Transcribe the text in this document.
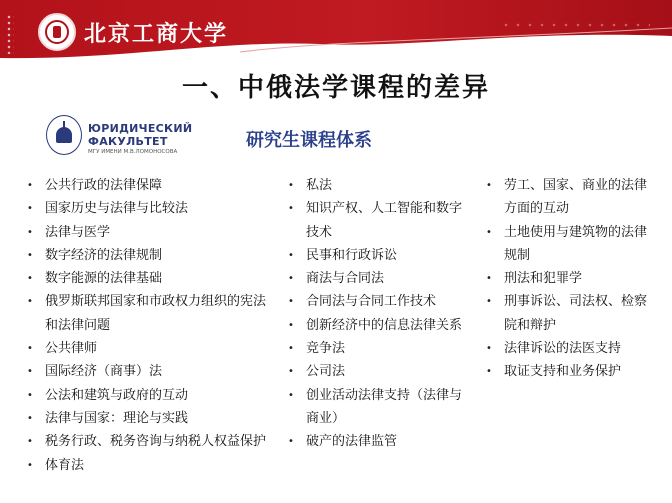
北京工商大学
一、中俄法学课程的差异
ЮРИДИЧЕСКИЙ
ФАКУЛЬТЕТ
МГУ ИМЕНИ М.В.ЛОМОНОСОВА
研究生课程体系
• 公共行政的法律保障
• 国家历史与法律与比较法
• 法律与医学
• 数字经济的法律规制
• 数字能源的法律基础
• 俄罗斯联邦国家和市政权力组织的宪法和法律问题
• 公共律师
• 国际经济（商事）法
• 公法和建筑与政府的互动
• 法律与国家：理论与实践
• 税务行政、税务咨询与纳税人权益保护
• 体育法
• 私法
• 知识产权、人工智能和数字技术
• 民事和行政诉讼
• 商法与合同法
• 合同法与合同工作技术
• 创新经济中的信息法律关系
• 竞争法
• 公司法
• 创业活动法律支持（法律与商业）
• 破产的法律监管
• 劳工、国家、商业的法律方面的互动
• 土地使用与建筑物的法律规制
• 刑法和犯罪学
• 刑事诉讼、司法权、检察院和辩护
• 法律诉讼的法医支持
• 取证支持和业务保护
